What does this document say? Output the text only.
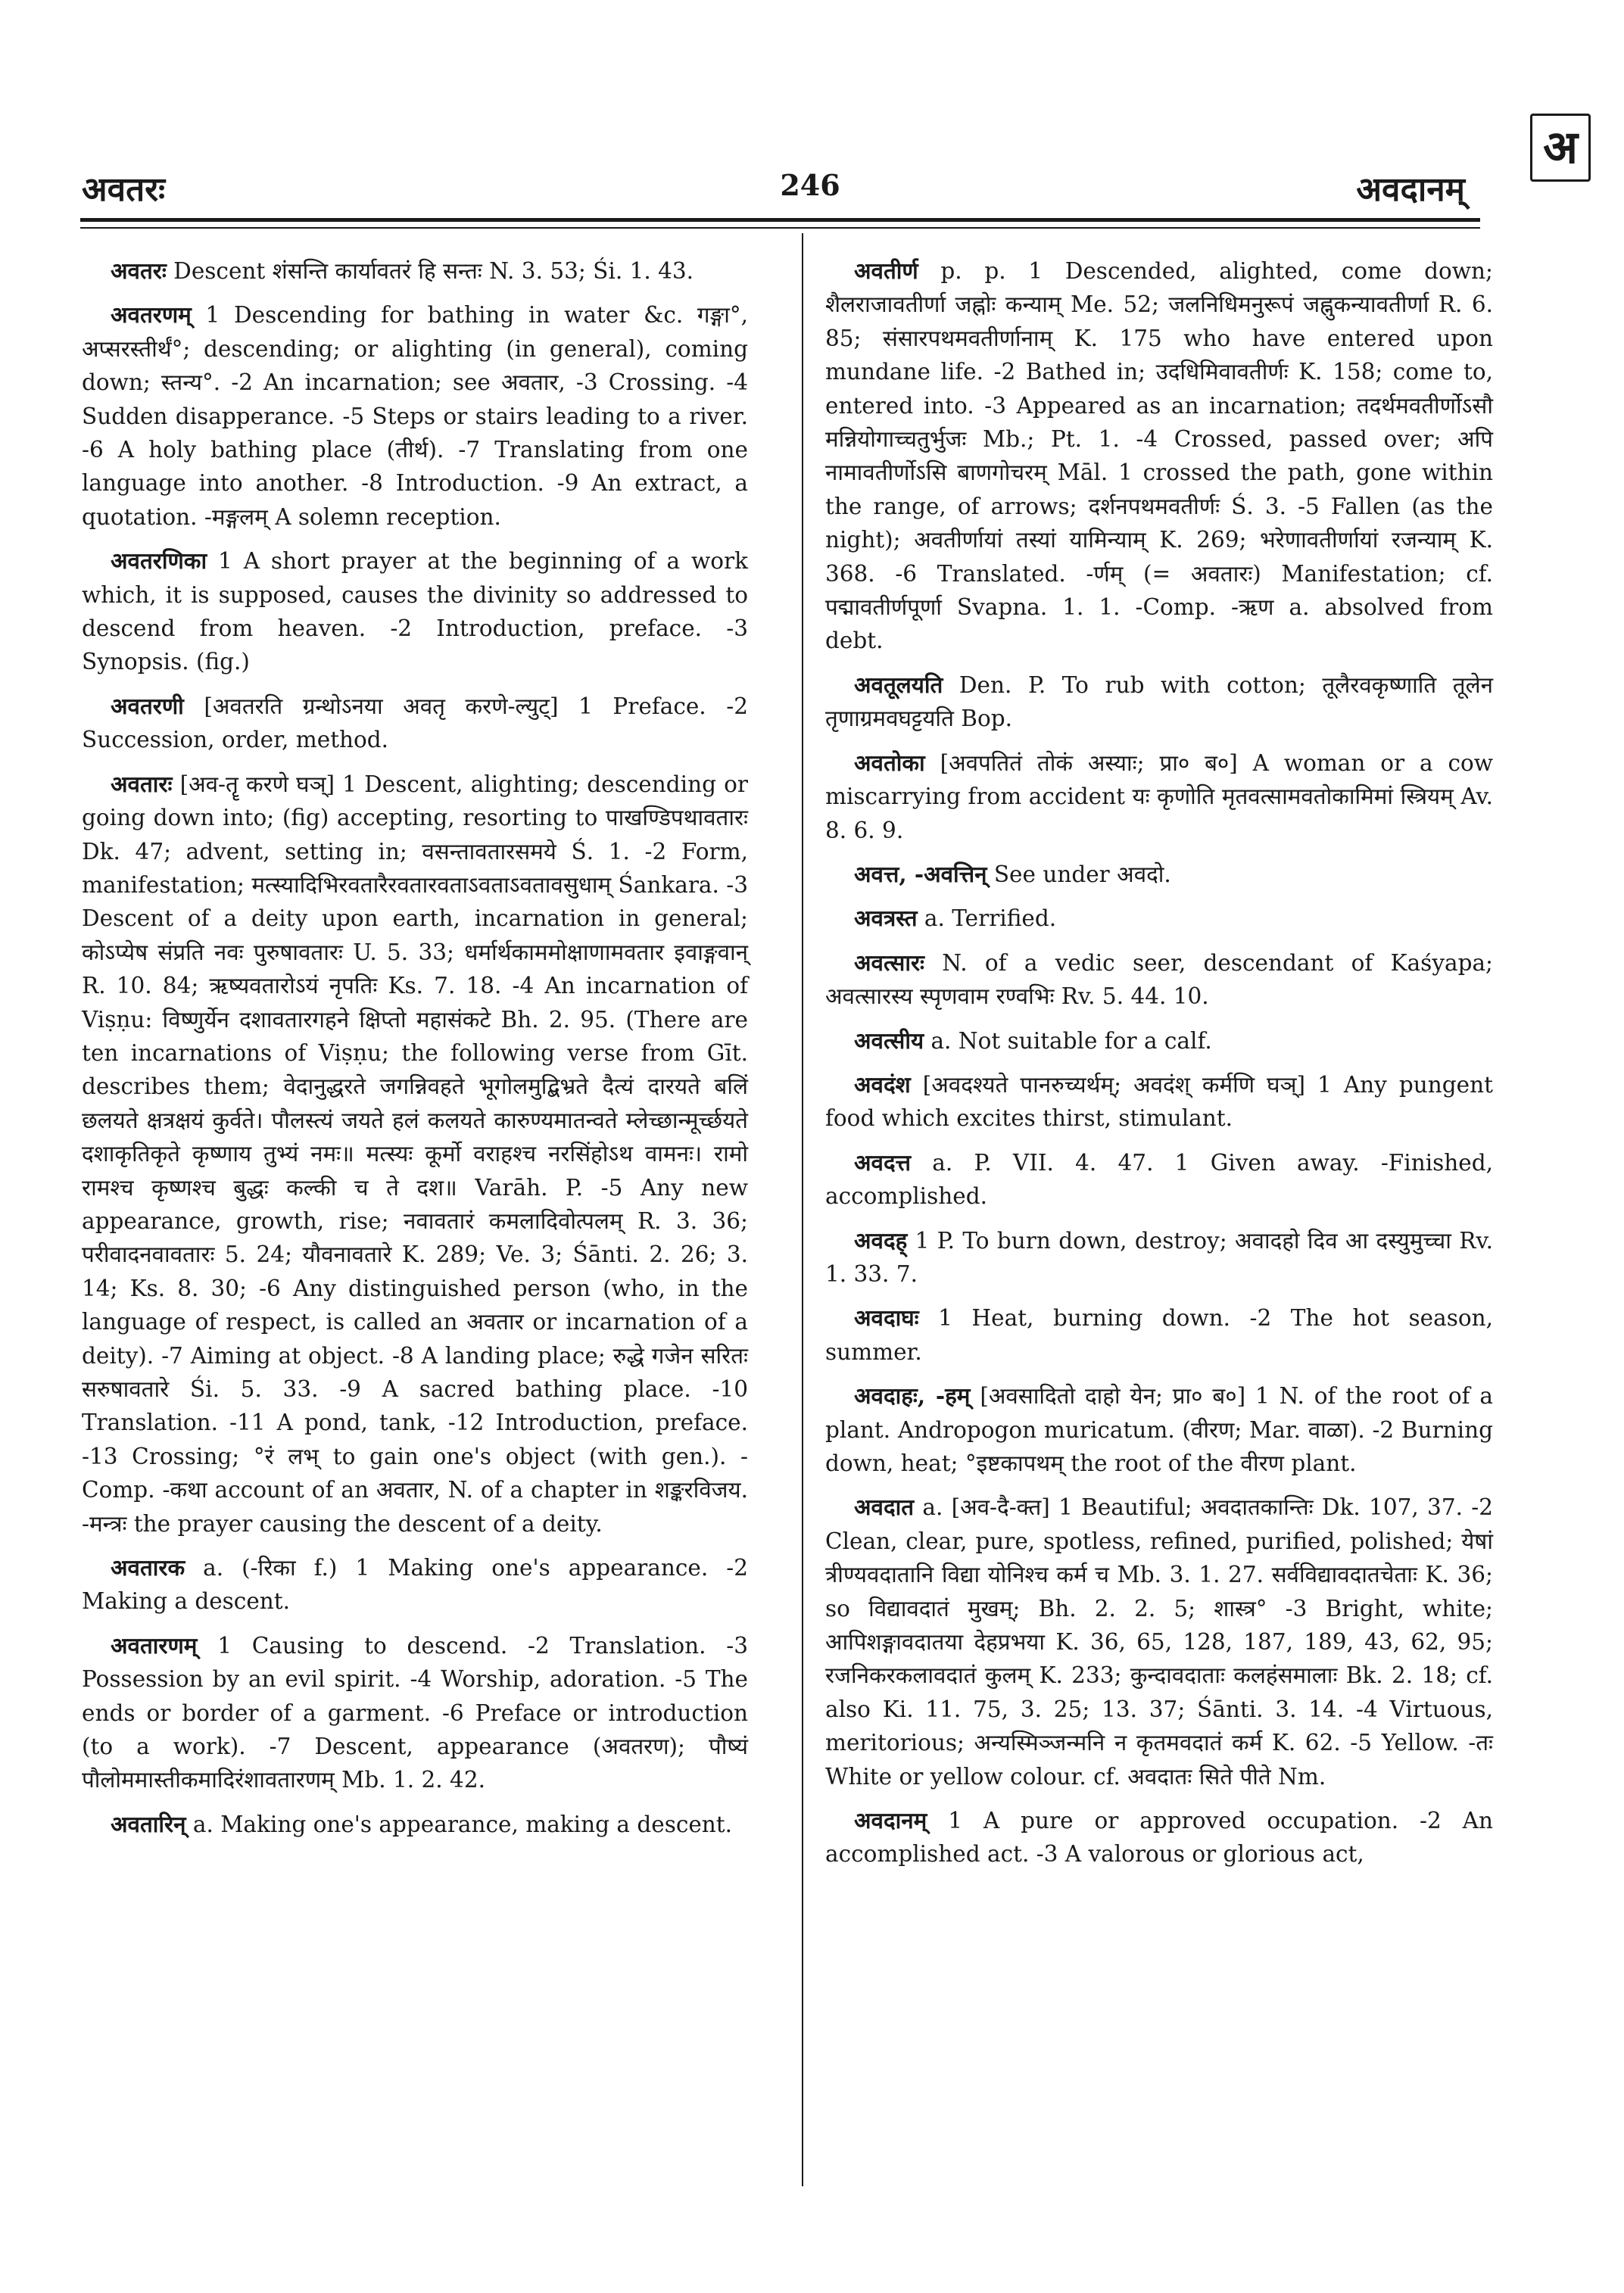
अवतरः	246	अवदानम्
अ

अवतरः Descent शंसन्ति कार्यावतरं हि सन्तः N. 3. 53; Śi. 1. 43.

अवतरणम् 1 Descending for bathing in water &c. गङ्गा°, अप्सरस्तीर्थं°; descending; or alighting (in general), coming down; स्तन्य°. -2 An incarnation; see अवतार, -3 Crossing. -4 Sudden disapperance. -5 Steps or stairs leading to a river. -6 A holy bathing place (तीर्थ). -7 Translating from one language into another. -8 Introduction. -9 An extract, a quotation. -मङ्गलम् A solemn reception.

अवतरणिका 1 A short prayer at the beginning of a work which, it is supposed, causes the divinity so addressed to descend from heaven. -2 Introduction, preface. -3 Synopsis. (fig.)

अवतरणी [अवतरति ग्रन्थोऽनया अवतृ करणे-ल्युट्] 1 Preface. -2 Succession, order, method.

अवतारः [अव-तॄ करणे घञ्] 1 Descent, alighting; descending or going down into; (fig) accepting, resorting to पाखण्डिपथावतारः Dk. 47; advent, setting in; वसन्तावतारसमये Ś. 1. -2 Form, manifestation; मत्स्यादिभिरवतारैरवतारवताऽवताऽवतावसुधाम् Śankara. -3 Descent of a deity upon earth, incarnation in general; कोऽप्येष संप्रति नवः पुरुषावतारः U. 5. 33; धर्मार्थकाममोक्षाणामवतार इवाङ्गवान् R. 10. 84; ऋष्यवतारोऽयं नृपतिः Ks. 7. 18. -4 An incarnation of Viṣṇu: विष्णुर्येन दशावतारगहने क्षिप्तो महासंकटे Bh. 2. 95. (There are ten incarnations of Viṣṇu; the following verse from Gīt. describes them; वेदानुद्धरते जगन्निवहते भूगोलमुद्बिभ्रते दैत्यं दारयते बलिं छलयते क्षत्रक्षयं कुर्वते। पौलस्त्यं जयते हलं कलयते कारुण्यमातन्वते म्लेच्छान्मूर्च्छयते दशाकृतिकृते कृष्णाय तुभ्यं नमः॥ मत्स्यः कूर्मो वराहश्च नरसिंहोऽथ वामनः। रामो रामश्च कृष्णश्च बुद्धः कल्की च ते दश॥ Varāh. P. -5 Any new appearance, growth, rise; नवावतारं कमलादिवोत्पलम् R. 3. 36; परीवादनवावतारः 5. 24; यौवनावतारे K. 289; Ve. 3; Śānti. 2. 26; 3. 14; Ks. 8. 30; -6 Any distinguished person (who, in the language of respect, is called an अवतार or incarnation of a deity). -7 Aiming at object. -8 A landing place; रुद्धे गजेन सरितः सरुषावतारे Śi. 5. 33. -9 A sacred bathing place. -10 Translation. -11 A pond, tank, -12 Introduction, preface. -13 Crossing; °रं लभ् to gain one's object (with gen.). -Comp. -कथा account of an अवतार, N. of a chapter in शङ्करविजय. -मन्त्रः the prayer causing the descent of a deity.

अवतारक a. (-रिका f.) 1 Making one's appearance. -2 Making a descent.

अवतारणम् 1 Causing to descend. -2 Translation. -3 Possession by an evil spirit. -4 Worship, adoration. -5 The ends or border of a garment. -6 Preface or introduction (to a work). -7 Descent, appearance (अवतरण); पौष्यं पौलोममास्तीकमादिरंशावतारणम् Mb. 1. 2. 42.

अवतारिन् a. Making one's appearance, making a descent.

अवतीर्ण p. p. 1 Descended, alighted, come down; शैलराजावतीर्णा जह्नोः कन्याम् Me. 52; जलनिधिमनुरूपं जह्नुकन्यावतीर्णा R. 6. 85; संसारपथमवतीर्णानाम् K. 175 who have entered upon mundane life. -2 Bathed in; उदधिमिवावतीर्णः K. 158; come to, entered into. -3 Appeared as an incarnation; तदर्थमवतीर्णोऽसौ मन्नियोगाच्चतुर्भुजः Mb.; Pt. 1. -4 Crossed, passed over; अपि नामावतीर्णोऽसि बाणगोचरम् Māl. 1 crossed the path, gone within the range, of arrows; दर्शनपथमवतीर्णः Ś. 3. -5 Fallen (as the night); अवतीर्णायां तस्यां यामिन्याम् K. 269; भरेणावतीर्णायां रजन्याम् K. 368. -6 Translated. -र्णम् (= अवतारः) Manifestation; cf. पद्मावतीर्णपूर्णा Svapna. 1. 1. -Comp. -ऋण a. absolved from debt.

अवतूलयति Den. P. To rub with cotton; तूलैरवकृष्णाति तूलेन तृणाग्रमवघट्टयति Bop.

अवतोका [अवपतितं तोकं अस्याः; प्रा० ब०] A woman or a cow miscarrying from accident यः कृणोति मृतवत्सामवतोकामिमां स्त्रियम् Av. 8. 6. 9.

अवत्त, -अवत्तिन् See under अवदो.

अवत्रस्त a. Terrified.

अवत्सारः N. of a vedic seer, descendant of Kaśyapa; अवत्सारस्य स्पृणवाम रण्वभिः Rv. 5. 44. 10.

अवत्सीय a. Not suitable for a calf.

अवदंश [अवदश्यते पानरुच्यर्थम्; अवदंश् कर्मणि घञ्] 1 Any pungent food which excites thirst, stimulant.

अवदत्त a. P. VII. 4. 47. 1 Given away. -Finished, accomplished.

अवदह् 1 P. To burn down, destroy; अवादहो दिव आ दस्युमुच्चा Rv. 1. 33. 7.

अवदाघः 1 Heat, burning down. -2 The hot season, summer.

अवदाहः, -हम् [अवसादितो दाहो येन; प्रा० ब०] 1 N. of the root of a plant. Andropogon muricatum. (वीरण; Mar. वाळा). -2 Burning down, heat; °इष्टकापथम् the root of the वीरण plant.

अवदात a. [अव-दै-क्त] 1 Beautiful; अवदातकान्तिः Dk. 107, 37. -2 Clean, clear, pure, spotless, refined, purified, polished; येषां त्रीण्यवदातानि विद्या योनिश्च कर्म च Mb. 3. 1. 27. सर्वविद्यावदातचेताः K. 36; so विद्यावदातं मुखम्; Bh. 2. 2. 5; शास्त्र° -3 Bright, white; आपिशङ्गावदातया देहप्रभया K. 36, 65, 128, 187, 189, 43, 62, 95; रजनिकरकलावदातं कुलम् K. 233; कुन्दावदाताः कलहंसमालाः Bk. 2. 18; cf. also Ki. 11. 75, 3. 25; 13. 37; Śānti. 3. 14. -4 Virtuous, meritorious; अन्यस्मिञ्जन्मनि न कृतमवदातं कर्म K. 62. -5 Yellow. -तः White or yellow colour. cf. अवदातः सिते पीते Nm.

अवदानम् 1 A pure or approved occupation. -2 An accomplished act. -3 A valorous or glorious act,
